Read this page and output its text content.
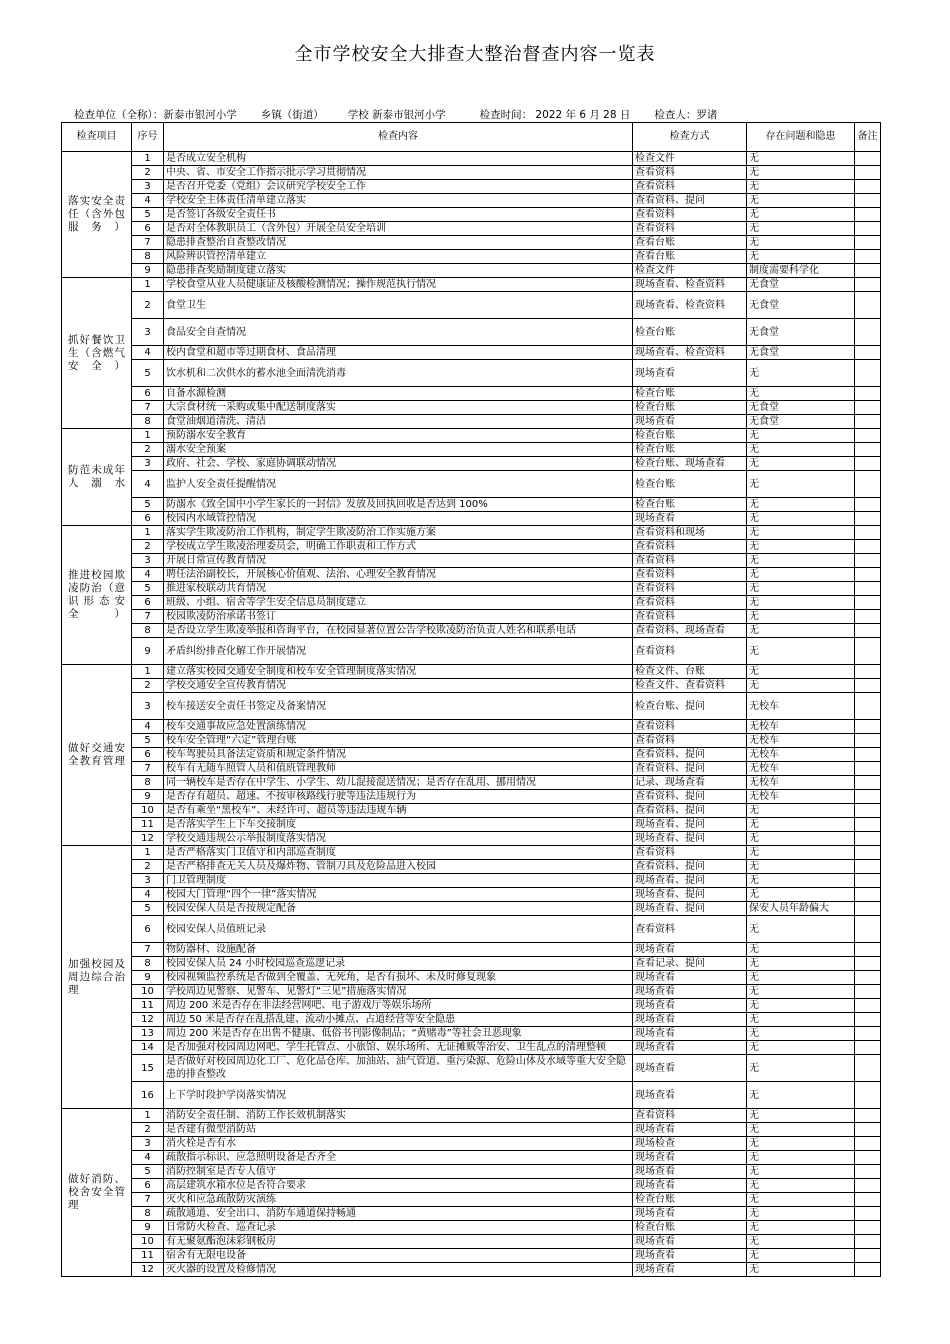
全市学校安全大排查大整治督查内容一览表
检查单位（全称）：新泰市银河小学 乡镇（街道） 学校 新泰市银河小学	检查时间： 2022 年 6 月 28 日 检查人：罗诸
检查项目	序号	检查内容	检查方式	存在问题和隐患	备注
落实安全责任（含外包服务）	1	是否成立安全机构	检查文件	无	
	2	中央、省、市安全工作指示批示学习贯彻情况	查看资料	无	
	3	是否召开党委（党组）会议研究学校安全工作	查看资料	无	
	4	学校安全主体责任清单建立落实	查看资料、提问	无	
	5	是否签订各级安全责任书	查看资料	无	
	6	是否对全体教职员工（含外包）开展全员安全培训	查看资料	无	
	7	隐患排查整治自查整改情况	查看台账	无	
	8	风险辨识管控清单建立	查看台账	无	
	9	隐患排查奖励制度建立落实	检查文件	制度需要科学化	
抓好餐饮卫生（含燃气安全）	1	学校食堂从业人员健康证及核酸检测情况；操作规范执行情况	现场查看、检查资料	无食堂	
	2	食堂卫生	现场查看、检查资料	无食堂	
	3	食品安全自查情况	检查台账	无食堂	
	4	校内食堂和超市等过期食材、食品清理	现场查看、检查资料	无食堂	
	5	饮水机和二次供水的蓄水池全面清洗消毒	现场查看	无	
	6	自备水源检测	检查台账	无	
	7	大宗食材统一采购或集中配送制度落实	检查台账	无食堂	
	8	食堂油烟道清洗、清洁	现场查看	无食堂	
防范未成年人溺水	1	预防溺水安全教育	检查台账	无	
	2	溺水安全预案	检查台账	无	
	3	政府、社会、学校、家庭协调联动情况	检查台账、现场查看	无	
	4	监护人安全责任提醒情况	检查台账	无	
	5	防溺水《致全国中小学生家长的一封信》发放及回执回收是否达到 100%	检查台账	无	
	6	校园内水域管控情况	现场查看	无	
推进校园欺凌防治（意识形态安全）	1	落实学生欺凌防治工作机构，制定学生欺凌防治工作实施方案	查看资料和现场	无	
	2	学校成立学生欺凌治理委员会，明确工作职责和工作方式	查看资料	无	
	3	开展日常宣传教育情况	查看资料	无	
	4	聘任法治副校长，开展核心价值观、法治、心理安全教育情况	查看资料	无	
	5	推进家校联动共育情况	查看资料	无	
	6	班级、小组、宿舍等学生安全信息员制度建立	查看资料	无	
	7	校园欺凌防治承诺书签订	查看资料	无	
	8	是否设立学生欺凌举报和咨询平台，在校园显著位置公告学校欺凌防治负责人姓名和联系电话	查看资料、现场查看	无	
	9	矛盾纠纷排查化解工作开展情况	查看资料	无	
做好交通安全教育管理	1	建立落实校园交通安全制度和校车安全管理制度落实情况	检查文件、台账	无	
	2	学校交通安全宣传教育情况	检查文件、查看资料	无	
	3	校车接送安全责任书签定及备案情况	检查台账、提问	无校车	
	4	校车交通事故应急处置演练情况	查看资料	无校车	
	5	校车安全管理“六定”管理台账	查看资料	无校车	
	6	校车驾驶员具备法定资质和规定条件情况	查看资料、提问	无校车	
	7	校车有无随车照管人员和值班管理教师	查看资料、提问	无校车	
	8	同一辆校车是否存在中学生、小学生、幼儿混接混送情况；是否存在乱用、挪用情况	记录、现场查看	无校车	
	9	是否存有超员、超速、不按审核路线行驶等违法违规行为	查看资料、提问	无校车	
	10	是否有乘坐“黑校车”、未经许可、超员等违法违规车辆	查看资料、提问	无	
	11	是否落实学生上下车交接制度	现场查看、提问	无	
	12	学校交通违规公示举报制度落实情况	现场查看、提问	无	
加强校园及周边综合治理	1	是否严格落实门卫值守和内部巡查制度	查看资料	无	
	2	是否严格排查无关人员及爆炸物、管制刀具及危险品进入校园	查看资料、提问	无	
	3	门卫管理制度	现场查看、提问	无	
	4	校园大门管理“四个一律”落实情况	现场查看、提问	无	
	5	校园安保人员是否按规定配备	现场查看、提问	保安人员年龄偏大	
	6	校园安保人员值班记录	查看资料	无	
	7	物防器材、设施配备	现场查看	无	
	8	校园安保人员 24 小时校园巡查巡逻记录	查看记录、提问	无	
	9	校园视频监控系统是否做到全覆盖、无死角，是否有损坏、未及时修复现象	现场查看	无	
	10	学校周边见警察、见警车、见警灯“三见”措施落实情况	现场查看	无	
	11	周边 200 米是否存在非法经营网吧、电子游戏厅等娱乐场所	现场查看	无	
	12	周边 50 米是否存在乱搭乱建、流动小摊点、占道经营等安全隐患	现场查看	无	
	13	周边 200 米是否存在出售不健康、低俗书刊影像制品；“黄赌毒”等社会丑恶现象	现场查看	无	
	14	是否加强对校园周边网吧、学生托管点、小旅馆、娱乐场所、无证摊贩等治安、卫生乱点的清理整顿	现场查看	无	
	15	是否做好对校园周边化工厂、危化品仓库、加油站、油气管道、重污染源、危险山体及水域等重大安全隐患的排查整改	现场查看	无	
	16	上下学时段护学岗落实情况	现场查看	无	
做好消防、校舍安全管理	1	消防安全责任制、消防工作长效机制落实	查看资料	无	
	2	是否建有微型消防站	现场查看	无	
	3	消火栓是否有水	现场检查	无	
	4	疏散指示标识、应急照明设备是否齐全	现场查看	无	
	5	消防控制室是否专人值守	现场查看	无	
	6	高层建筑水箱水位是否符合要求	现场查看	无	
	7	灭火和应急疏散防灾演练	检查台账	无	
	8	疏散通道、安全出口、消防车通道保持畅通	现场查看	无	
	9	日常防火检查、巡查记录	检查台账	无	
	10	有无聚氨酯泡沫彩钢板房	现场查看	无	
	11	宿舍有无限电设备	现场查看	无	
	12	灭火器的设置及检修情况	现场查看	无	
